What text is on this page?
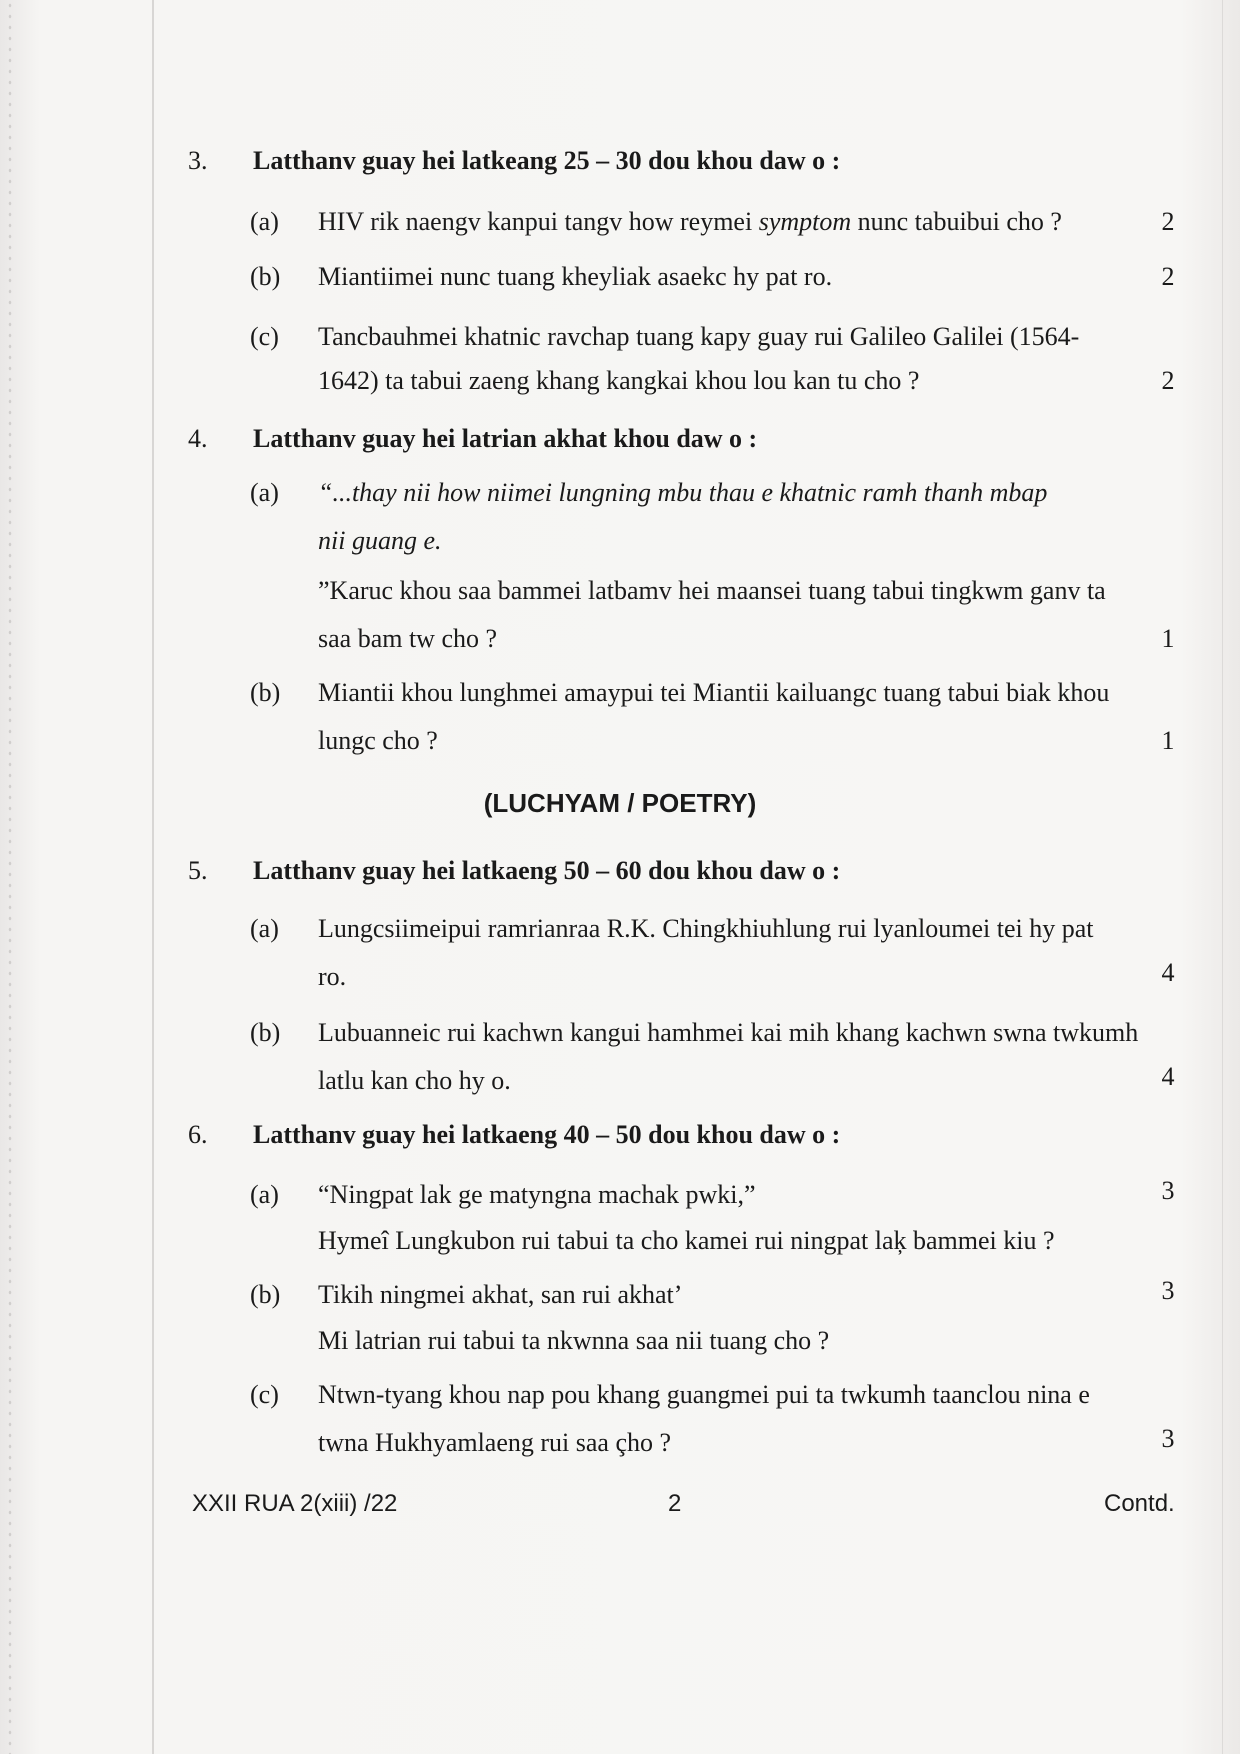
3. Latthanv guay hei latkeang 25 – 30 dou khou daw o :
(a) HIV rik naengv kanpui tangv how reymei symptom nunc tabuibui cho ?	2
(b) Miantiimei nunc tuang kheyliak asaekc hy pat ro.	2
(c) Tancbauhmei khatnic ravchap tuang kapy guay rui Galileo Galilei (1564-
1642) ta tabui zaeng khang kangkai khou lou kan tu cho ?	2
4. Latthanv guay hei latrian akhat khou daw o :
(a) “...thay nii how niimei lungning mbu thau e khatnic ramh thanh mbap
nii guang e.
”Karuc khou saa bammei latbamv hei maansei tuang tabui tingkwm ganv ta
saa bam tw cho ?	1
(b) Miantii khou lunghmei amaypui tei Miantii kailuangc tuang tabui biak khou
lungc cho ?	1
(LUCHYAM / POETRY)
5. Latthanv guay hei latkaeng 50 – 60 dou khou daw o :
(a) Lungcsiimeipui ramrianraa R.K. Chingkhiuhlung rui lyanloumei tei hy pat
ro.	4
(b) Lubuanneic rui kachwn kangui hamhmei kai mih khang kachwn swna twkumh
latlu kan cho hy o.	4
6. Latthanv guay hei latkaeng 40 – 50 dou khou daw o :
(a) “Ningpat lak ge matyngna machak pwki,”	3
Hymeî Lungkubon rui tabui ta cho kamei rui ningpat laķ bammei kiu ?
(b) Tikih ningmei akhat, san rui akhat’	3
Mi latrian rui tabui ta nkwnna saa nii tuang cho ?
(c) Ntwn-tyang khou nap pou khang guangmei pui ta twkumh taanclou nina e
twna Hukhyamlaeng rui saa çho ?	3
XXII RUA 2(xiii) /22	2	Contd.
